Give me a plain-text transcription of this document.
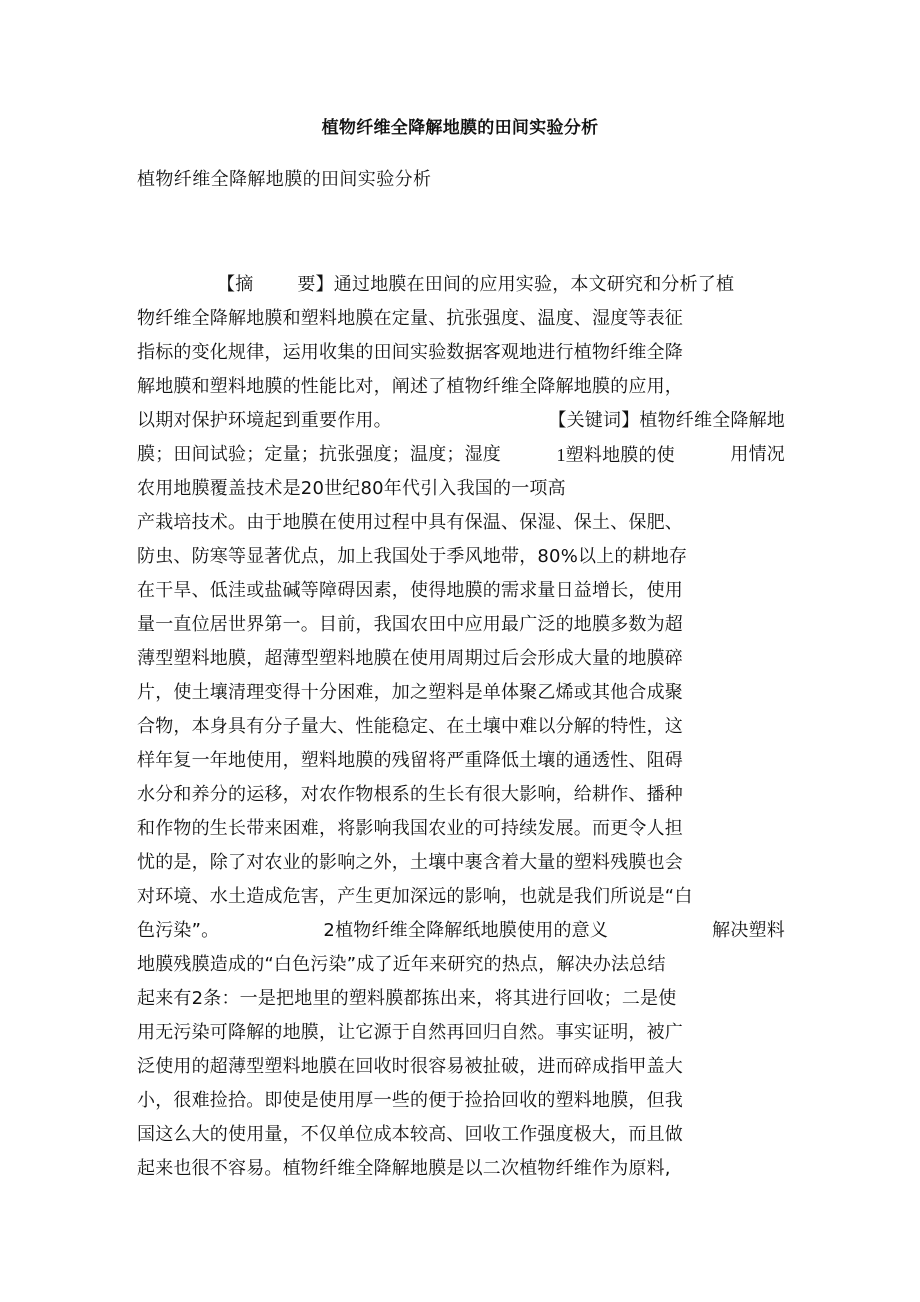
植物纤维全降解地膜的田间实验分析
植物纤维全降解地膜的田间实验分析
【摘 要】通过地膜在田间的应用实验，本文研究和分析了植
物纤维全降解地膜和塑料地膜在定量、抗张强度、温度、湿度等表征
指标的变化规律，运用收集的田间实验数据客观地进行植物纤维全降
解地膜和塑料地膜的性能比对，阐述了植物纤维全降解地膜的应用，
以期对保护环境起到重要作用。	【关键词】植物纤维全降解地
膜；田间试验；定量；抗张强度；温度；湿度	1塑料地膜的使	用情况
农用地膜覆盖技术是20世纪80年代引入我国的一项高
产栽培技术。由于地膜在使用过程中具有保温、保湿、保土、保肥、
防虫、防寒等显著优点，加上我国处于季风地带，80%以上的耕地存
在干旱、低洼或盐碱等障碍因素，使得地膜的需求量日益增长，使用
量一直位居世界第一。目前，我国农田中应用最广泛的地膜多数为超
薄型塑料地膜，超薄型塑料地膜在使用周期过后会形成大量的地膜碎
片，使土壤清理变得十分困难，加之塑料是单体聚乙烯或其他合成聚
合物，本身具有分子量大、性能稳定、在土壤中难以分解的特性，这
样年复一年地使用，塑料地膜的残留将严重降低土壤的通透性、阻碍
水分和养分的运移，对农作物根系的生长有很大影响，给耕作、播种
和作物的生长带来困难，将影响我国农业的可持续发展。而更令人担
忧的是，除了对农业的影响之外，土壤中裹含着大量的塑料残膜也会
对环境、水土造成危害，产生更加深远的影响，也就是我们所说是“白
色污染”。	2植物纤维全降解纸地膜使用的意义	解决塑料
地膜残膜造成的“白色污染”成了近年来研究的热点，解决办法总结
起来有2条：一是把地里的塑料膜都拣出来，将其进行回收；二是使
用无污染可降解的地膜，让它源于自然再回归自然。事实证明，被广
泛使用的超薄型塑料地膜在回收时很容易被扯破，进而碎成指甲盖大
小，很难捡拾。即使是使用厚一些的便于捡拾回收的塑料地膜，但我
国这么大的使用量，不仅单位成本较高、回收工作强度极大，而且做
起来也很不容易。植物纤维全降解地膜是以二次植物纤维作为原料,
